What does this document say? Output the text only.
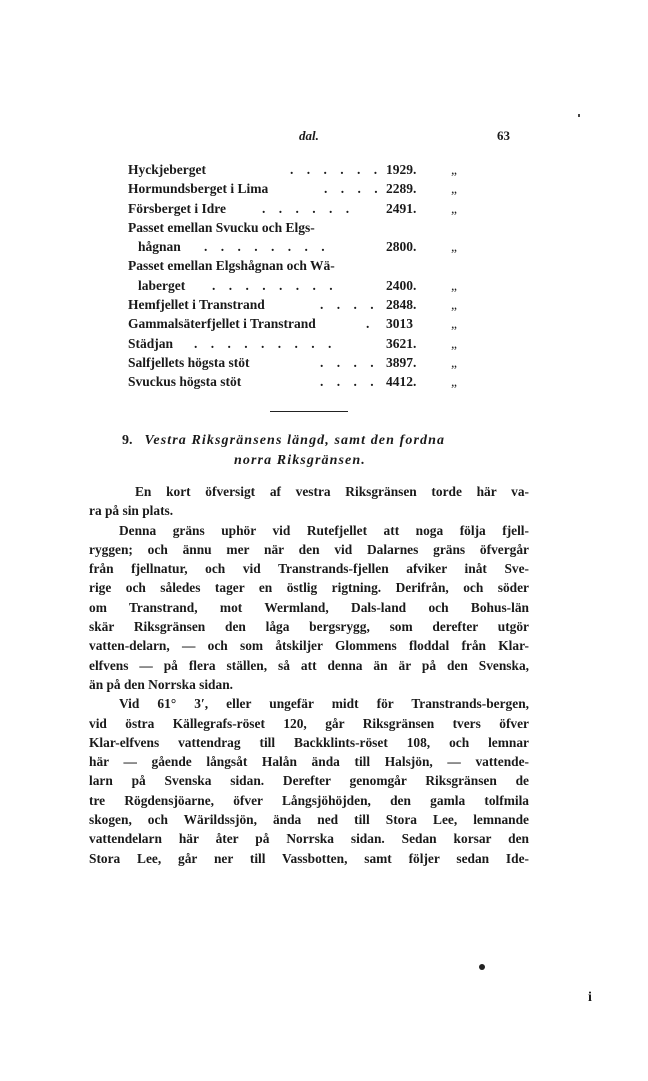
dal.	63
Hyckjeberget	. . . . . . 1929.	„
Hormundsberget i Lima	. . . . 2289.	„
Försberget i Idre	. . . . . . 2491.	„
Passet emellan Svucku och Elgs-
hågnan . . . . . . . .	2800.	„
Passet emellan Elgshågnan och Wä-
laberget . . . . . . . .	2400.	„
Hemfjellet i Transtrand	. . . . 2848.	„
Gammalsäterfjellet i Transtrand	. 3013	„
Städjan . . . . . . . . .	3621.	„
Salfjellets högsta stöt	. . . . 3897.	„
Svuckus högsta stöt	. . . . 4412.	„
9. Vestra Riksgränsens längd, samt den fordna
norra Riksgränsen.
En kort öfversigt af vestra Riksgränsen torde här va-
ra på sin plats.
Denna gräns uphör vid Rutefjellet att noga följa fjell-
ryggen; och ännu mer när den vid Dalarnes gräns öfvergår
från fjellnatur, och vid Transtrands-fjellen afviker inåt Sve-
rige och således tager en östlig rigtning. Derifrån, och söder
om Transtrand, mot Wermland, Dals-land och Bohus-län
skär Riksgränsen den låga bergsrygg, som derefter utgör
vatten-delarn, — och som åtskiljer Glommens floddal från Klar-
elfvens — på flera ställen, så att denna än är på den Svenska,
än på den Norrska sidan.
Vid 61° 3′, eller ungefär midt för Transtrands-bergen,
vid östra Källegrafs-röset 120, går Riksgränsen tvers öfver
Klar-elfvens vattendrag till Backklints-röset 108, och lemnar
här — gående långsåt Halån ända till Halsjön, — vattende-
larn på Svenska sidan. Derefter genomgår Riksgränsen de
tre Rögdensjöarne, öfver Långsjöhöjden, den gamla tolfmila
skogen, och Wärildssjön, ända ned till Stora Lee, lemnande
vattendelarn här åter på Norrska sidan. Sedan korsar den
Stora Lee, går ner till Vassbotten, samt följer sedan Ide-
i
